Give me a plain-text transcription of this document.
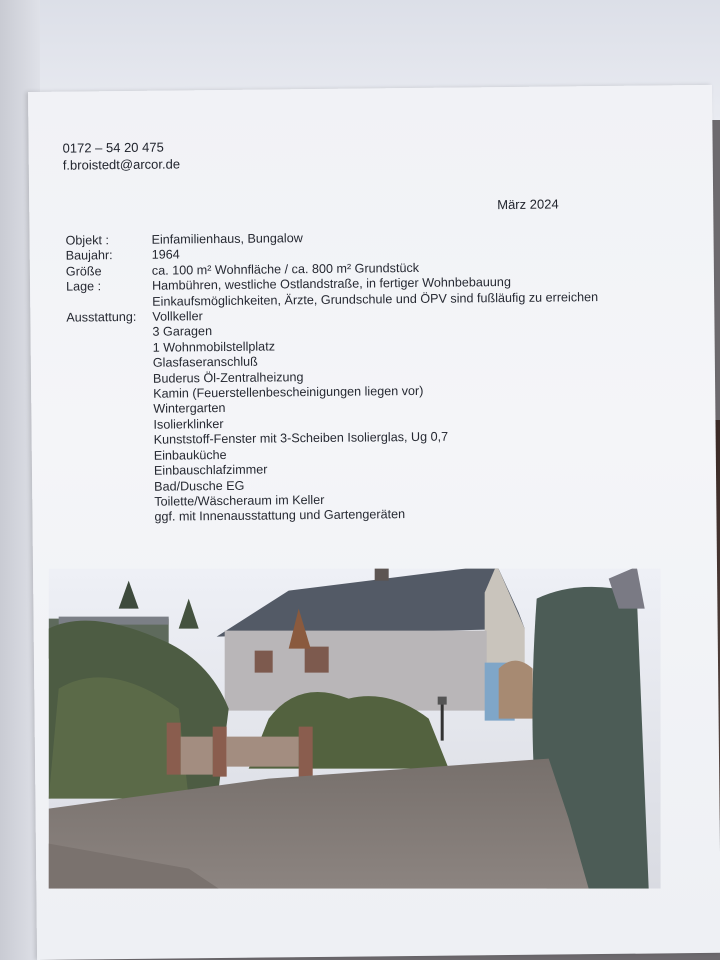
0172 – 54 20 475
f.broistedt@arcor.de
März 2024
Objekt :	Einfamilienhaus, Bungalow
Baujahr:	1964
Größe	ca. 100 m² Wohnfläche / ca. 800 m² Grundstück
Lage :	Hambühren, westliche Ostlandstraße, in fertiger Wohnbebauung
Einkaufsmöglichkeiten, Ärzte, Grundschule und ÖPV sind fußläufig zu erreichen
Ausstattung:	Vollkeller
3 Garagen
1 Wohnmobilstellplatz
Glasfaseranschluß
Buderus Öl-Zentralheizung
Kamin (Feuerstellenbescheinigungen liegen vor)
Wintergarten
Isolierklinker
Kunststoff-Fenster mit 3-Scheiben Isolierglas, Ug 0,7
Einbauküche
Einbauschlafzimmer
Bad/Dusche EG
Toilette/Wäscheraum im Keller
ggf. mit Innenausstattung und Gartengeräten
